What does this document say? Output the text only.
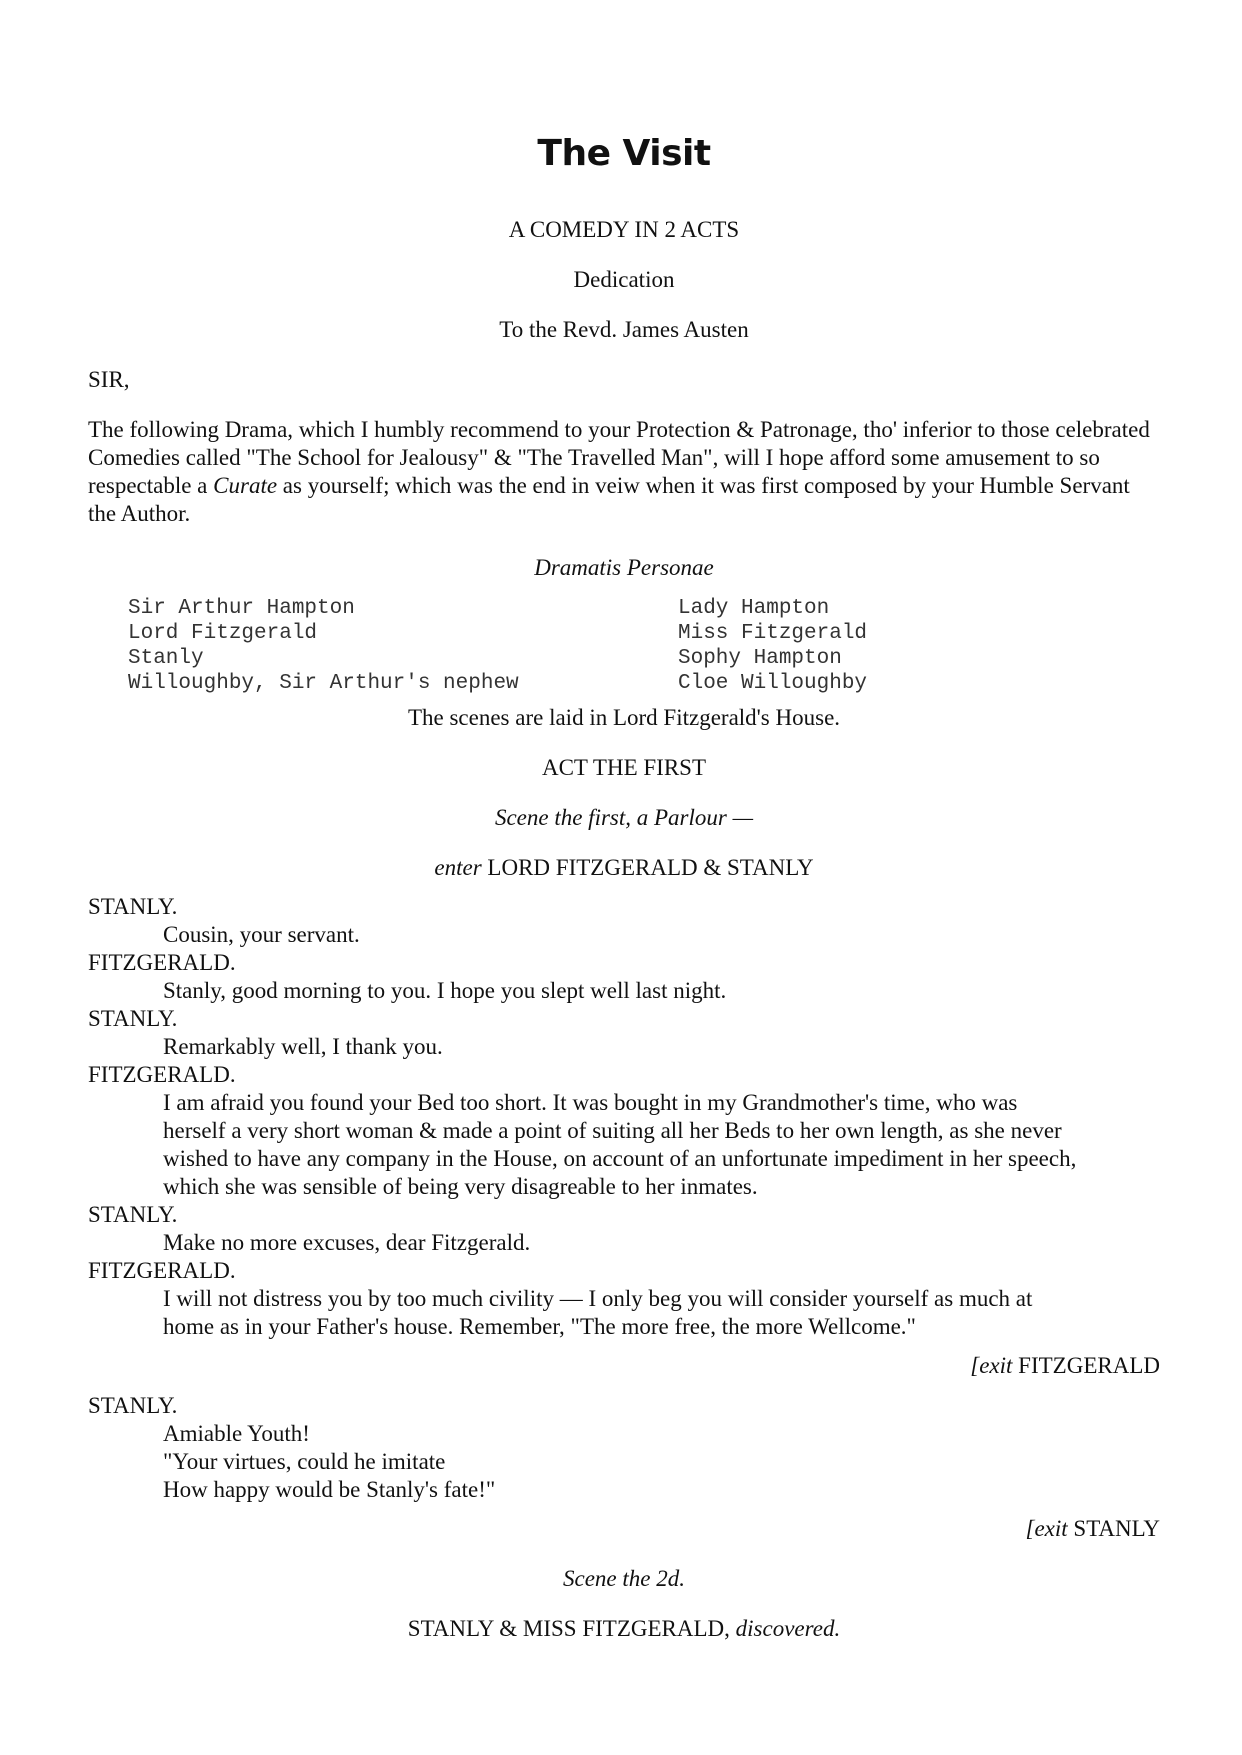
The Visit
A COMEDY IN 2 ACTS
Dedication
To the Revd. James Austen
SIR,
The following Drama, which I humbly recommend to your Protection & Patronage, tho' inferior to those celebrated Comedies called "The School for Jealousy" & "The Travelled Man", will I hope afford some amusement to so respectable a Curate as yourself; which was the end in veiw when it was first composed by your Humble Servant the Author.
Dramatis Personae
Sir Arthur Hampton
Lord Fitzgerald
Stanly
Willoughby, Sir Arthur's nephew
Lady Hampton
Miss Fitzgerald
Sophy Hampton
Cloe Willoughby
The scenes are laid in Lord Fitzgerald's House.
ACT THE FIRST
Scene the first, a Parlour —
enter LORD FITZGERALD & STANLY
STANLY.
Cousin, your servant.
FITZGERALD.
Stanly, good morning to you. I hope you slept well last night.
STANLY.
Remarkably well, I thank you.
FITZGERALD.
I am afraid you found your Bed too short. It was bought in my Grandmother's time, who was
herself a very short woman & made a point of suiting all her Beds to her own length, as she never
wished to have any company in the House, on account of an unfortunate impediment in her speech,
which she was sensible of being very disagreable to her inmates.
STANLY.
Make no more excuses, dear Fitzgerald.
FITZGERALD.
I will not distress you by too much civility — I only beg you will consider yourself as much at
home as in your Father's house. Remember, "The more free, the more Wellcome."
[exit FITZGERALD
STANLY.
Amiable Youth!
"Your virtues, could he imitate
How happy would be Stanly's fate!"
[exit STANLY
Scene the 2d.
STANLY & MISS FITZGERALD, discovered.
